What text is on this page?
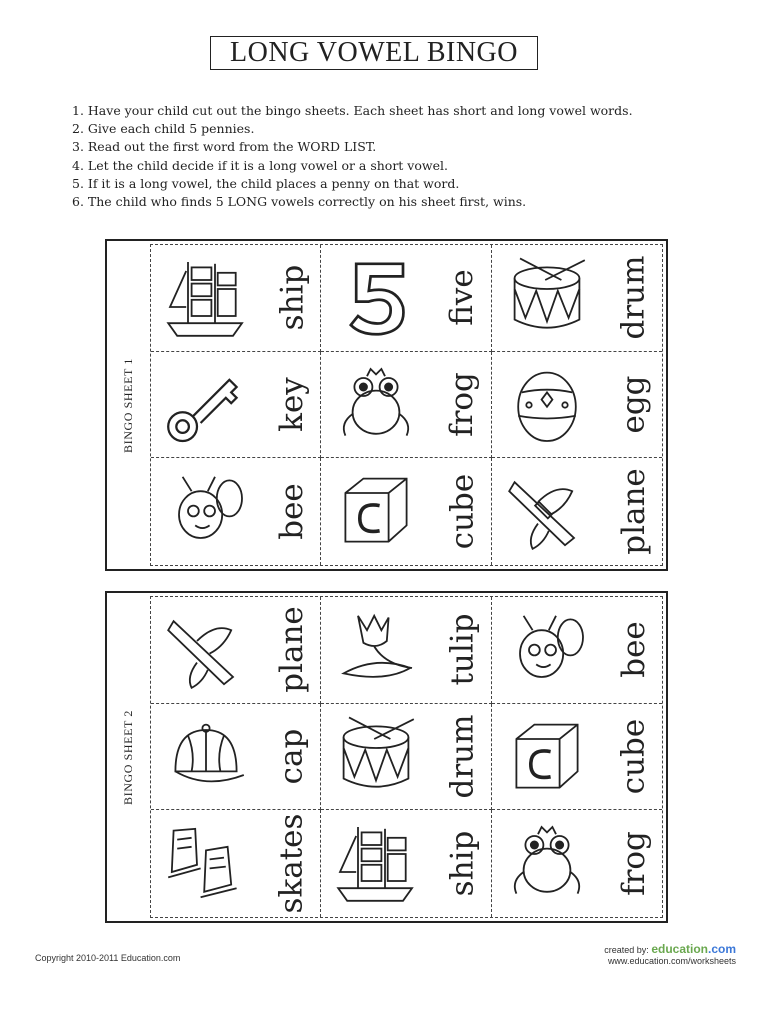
LONG VOWEL BINGO
1. Have your child cut out the bingo sheets. Each sheet has short and long vowel words.
2. Give each child 5 pennies.
3. Read out the first word from the WORD LIST.
4. Let the child decide if it is a long vowel or a short vowel.
5. If it is a long vowel, the child places a penny on that word.
6. The child who finds 5 LONG vowels correctly on his sheet first, wins.
BINGO SHEET 1
ship	five	drum
key	frog	egg
bee	cube	plane
BINGO SHEET 2
plane	tulip	bee
cap	drum	cube
skates	ship	frog
Copyright 2010-2011 Education.com
created by: education.com
www.education.com/worksheets
